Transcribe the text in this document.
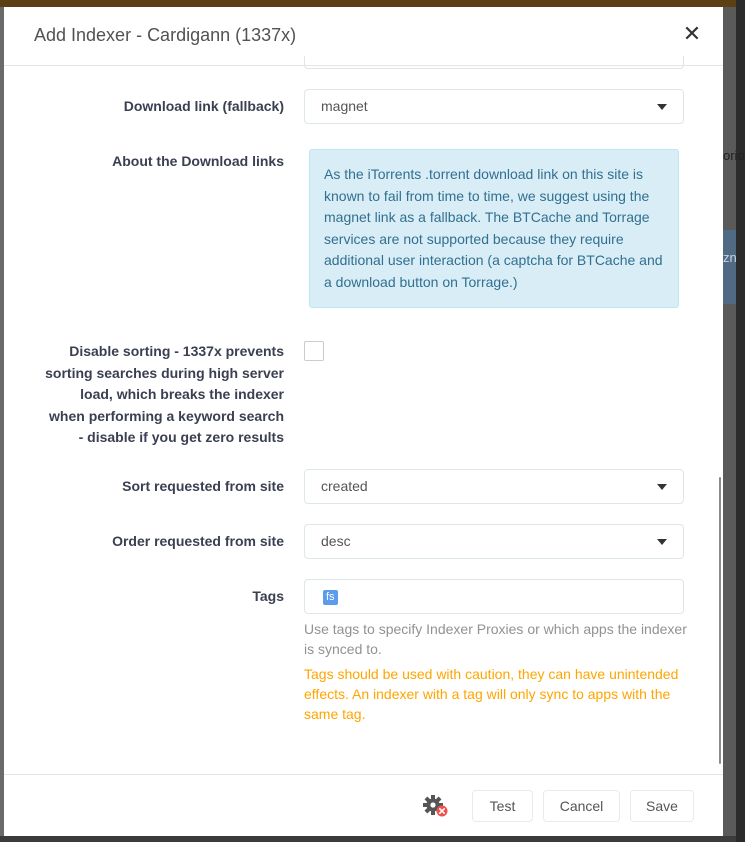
orio
zn
Add Indexer - Cardigann (1337x)	✕
Download link (fallback)	magnet
About the Download links
As the iTorrents .torrent download link on this site is known to fail from time to time, we suggest using the magnet link as a fallback. The BTCache and Torrage services are not supported because they require additional user interaction (a captcha for BTCache and a download button on Torrage.)
Disable sorting - 1337x prevents sorting searches during high server load, which breaks the indexer when performing a keyword search - disable if you get zero results
Sort requested from site	created
Order requested from site	desc
Tags	fs
Use tags to specify Indexer Proxies or which apps the indexer is synced to.
Tags should be used with caution, they can have unintended effects. An indexer with a tag will only sync to apps with the same tag.
Test	Cancel	Save
